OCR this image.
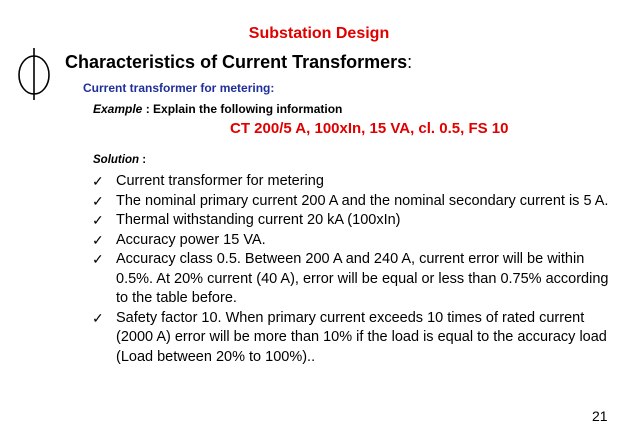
Substation Design
Characteristics of Current Transformers:
Current transformer for metering:
Example : Explain the following information
CT 200/5 A, 100xIn, 15 VA, cl. 0.5, FS 10
Solution :
✓ Current transformer for metering
✓ The nominal primary current 200 A and the nominal secondary current is 5 A.
✓ Thermal withstanding current 20 kA (100xIn)
✓ Accuracy power 15 VA.
✓ Accuracy class 0.5. Between 200 A and 240 A, current error will be within 0.5%. At 20% current (40 A), error will be equal or less than 0.75% according to the table before.
✓ Safety factor 10. When primary current exceeds 10 times of rated current (2000 A) error will be more than 10% if the load is equal to the accuracy load (Load between 20% to 100%)..
21
